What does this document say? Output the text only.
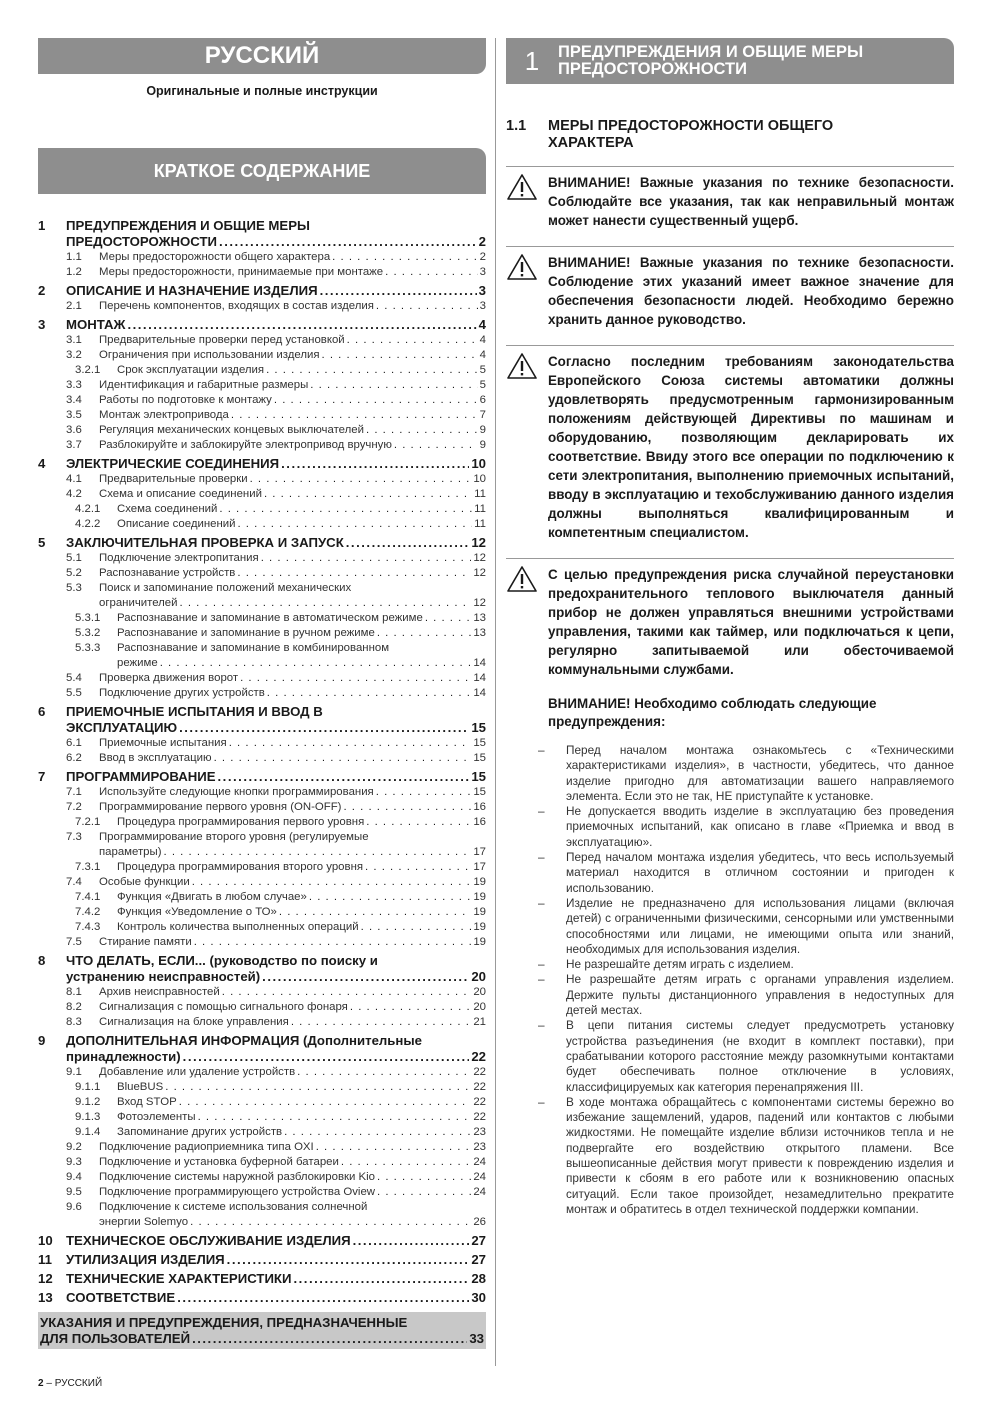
РУССКИЙ
Оригинальные и полные инструкции
КРАТКОЕ СОДЕРЖАНИЕ
1	ПРЕДУПРЕЖДЕНИЯ И ОБЩИЕ МЕРЫ
ПРЕДОСТОРОЖНОСТИ .....	2
1.1	Меры предосторожности общего характера . . .	2
1.2	Меры предосторожности, принимаемые при монтаже . . .	3
2	ОПИСАНИЕ И НАЗНАЧЕНИЕ ИЗДЕЛИЯ .....	3
2.1	Перечень компонентов, входящих в состав изделия . . .	3
3	МОНТАЖ .....	4
3.1	Предварительные проверки перед установкой . . .	4
3.2	Ограничения при использовании изделия . . .	4
3.2.1	Срок эксплуатации изделия . . .	5
3.3	Идентификация и габаритные размеры . . .	5
3.4	Работы по подготовке к монтажу . . .	6
3.5	Монтаж электропривода . . .	7
3.6	Регуляция механических концевых выключателей . . .	9
3.7	Разблокируйте и заблокируйте электропривод вручную . . .	9
4	ЭЛЕКТРИЧЕСКИЕ СОЕДИНЕНИЯ .....	10
4.1	Предварительные проверки . . .	10
4.2	Схема и описание соединений . . .	11
4.2.1	Схема соединений . . .	11
4.2.2	Описание соединений . . .	11
5	ЗАКЛЮЧИТЕЛЬНАЯ ПРОВЕРКА И ЗАПУСК .....	12
5.1	Подключение электропитания . . .	12
5.2	Распознавание устройств . . .	12
5.3	Поиск и запоминание положений механических
ограничителей . . .	12
5.3.1	Распознавание и запоминание в автоматическом режиме . . .	13
5.3.2	Распознавание и запоминание в ручном режиме . . .	13
5.3.3	Распознавание и запоминание в комбинированном
режиме . . .	14
5.4	Проверка движения ворот . . .	14
5.5	Подключение других устройств . . .	14
6	ПРИЕМОЧНЫЕ ИСПЫТАНИЯ И ВВОД В
ЭКСПЛУАТАЦИЮ .....	15
6.1	Приемочные испытания . . .	15
6.2	Ввод в эксплуатацию . . .	15
7	ПРОГРАММИРОВАНИЕ .....	15
7.1	Используйте следующие кнопки программирования . . .	15
7.2	Программирование первого уровня (ON-OFF) . . .	16
7.2.1	Процедура программирования первого уровня . . .	16
7.3	Программирование второго уровня (регулируемые
параметры) . . .	17
7.3.1	Процедура программирования второго уровня . . .	17
7.4	Особые функции . . .	19
7.4.1	Функция «Двигать в любом случае» . . .	19
7.4.2	Функция «Уведомление о ТО» . . .	19
7.4.3	Контроль количества выполненных операций . . .	19
7.5	Стирание памяти . . .	19
8	ЧТО ДЕЛАТЬ, ЕСЛИ... (руководство по поиску и
устранению неисправностей) .....	20
8.1	Архив неисправностей . . .	20
8.2	Сигнализация с помощью сигнального фонаря . . .	20
8.3	Сигнализация на блоке управления . . .	21
9	ДОПОЛНИТЕЛЬНАЯ ИНФОРМАЦИЯ (Дополнительные
принадлежности) .....	22
9.1	Добавление или удаление устройств . . .	22
9.1.1	BlueBUS . . .	22
9.1.2	Вход STOP . . .	22
9.1.3	Фотоэлементы . . .	22
9.1.4	Запоминание других устройств . . .	23
9.2	Подключение радиоприемника типа OXI . . .	23
9.3	Подключение и установка буферной батареи . . .	24
9.4	Подключение системы наружной разблокировки Kio . . .	24
9.5	Подключение программирующего устройства Oview . . .	24
9.6	Подключение к системе использования солнечной
энергии Solemyo . . .	26
10	ТЕХНИЧЕСКОЕ ОБСЛУЖИВАНИЕ ИЗДЕЛИЯ .....	27
11	УТИЛИЗАЦИЯ ИЗДЕЛИЯ .....	27
12	ТЕХНИЧЕСКИЕ ХАРАКТЕРИСТИКИ .....	28
13	СООТВЕТСТВИЕ .....	30
УКАЗАНИЯ И ПРЕДУПРЕЖДЕНИЯ, ПРЕДНАЗНАЧЕННЫЕ
ДЛЯ ПОЛЬЗОВАТЕЛЕЙ .....	33
1	ПРЕДУПРЕЖДЕНИЯ И ОБЩИЕ МЕРЫ
ПРЕДОСТОРОЖНОСТИ
1.1	МЕРЫ ПРЕДОСТОРОЖНОСТИ ОБЩЕГО
ХАРАКТЕРА
ВНИМАНИЕ! Важные указания по технике безопасности. Соблюдайте все указания, так как неправильный монтаж может нанести существенный ущерб.
ВНИМАНИЕ! Важные указания по технике безопасности. Соблюдение этих указаний имеет важное значение для обеспечения безопасности людей. Необходимо бережно хранить данное руководство.
Согласно последним требованиям законодательства Европейского Союза системы автоматики должны удовлетворять предусмотренным гармонизированным положениям действующей Директивы по машинам и оборудованию, позволяющим декларировать их соответствие. Ввиду этого все операции по подключению к сети электропитания, выполнению приемочных испытаний, вводу в эксплуатацию и техобслуживанию данного изделия должны выполняться квалифицированным и компетентным специалистом.
С целью предупреждения риска случайной переустановки предохранительного теплового выключателя данный прибор не должен управляться внешними устройствами управления, такими как таймер, или подключаться к цепи, регулярно запитываемой или обесточиваемой коммунальными службами.
ВНИМАНИЕ! Необходимо соблюдать следующие предупреждения:
–	Перед началом монтажа ознакомьтесь с «Техническими характеристиками изделия», в частности, убедитесь, что данное изделие пригодно для автоматизации вашего направляемого элемента. Если это не так, НЕ приступайте к установке.
–	Не допускается вводить изделие в эксплуатацию без проведения приемочных испытаний, как описано в главе «Приемка и ввод в эксплуатацию».
–	Перед началом монтажа изделия убедитесь, что весь используемый материал находится в отличном состоянии и пригоден к использованию.
–	Изделие не предназначено для использования лицами (включая детей) с ограниченными физическими, сенсорными или умственными способностями или лицами, не имеющими опыта или знаний, необходимых для использования изделия.
–	Не разрешайте детям играть с изделием.
–	Не разрешайте детям играть с органами управления изделием. Держите пульты дистанционного управления в недоступных для детей местах.
–	В цепи питания системы следует предусмотреть установку устройства разъединения (не входит в комплект поставки), при срабатывании которого расстояние между разомкнутыми контактами будет обеспечивать полное отключение в условиях, классифицируемых как категория перенапряжения III.
–	В ходе монтажа обращайтесь с компонентами системы бережно во избежание защемлений, ударов, падений или контактов с любыми жидкостями. Не помещайте изделие вблизи источников тепла и не подвергайте его воздействию открытого пламени. Все вышеописанные действия могут привести к повреждению изделия и привести к сбоям в его работе или к возникновению опасных ситуаций. Если такое произойдет, незамедлительно прекратите монтаж и обратитесь в отдел технической поддержки компании.
2 – РУССКИЙ
